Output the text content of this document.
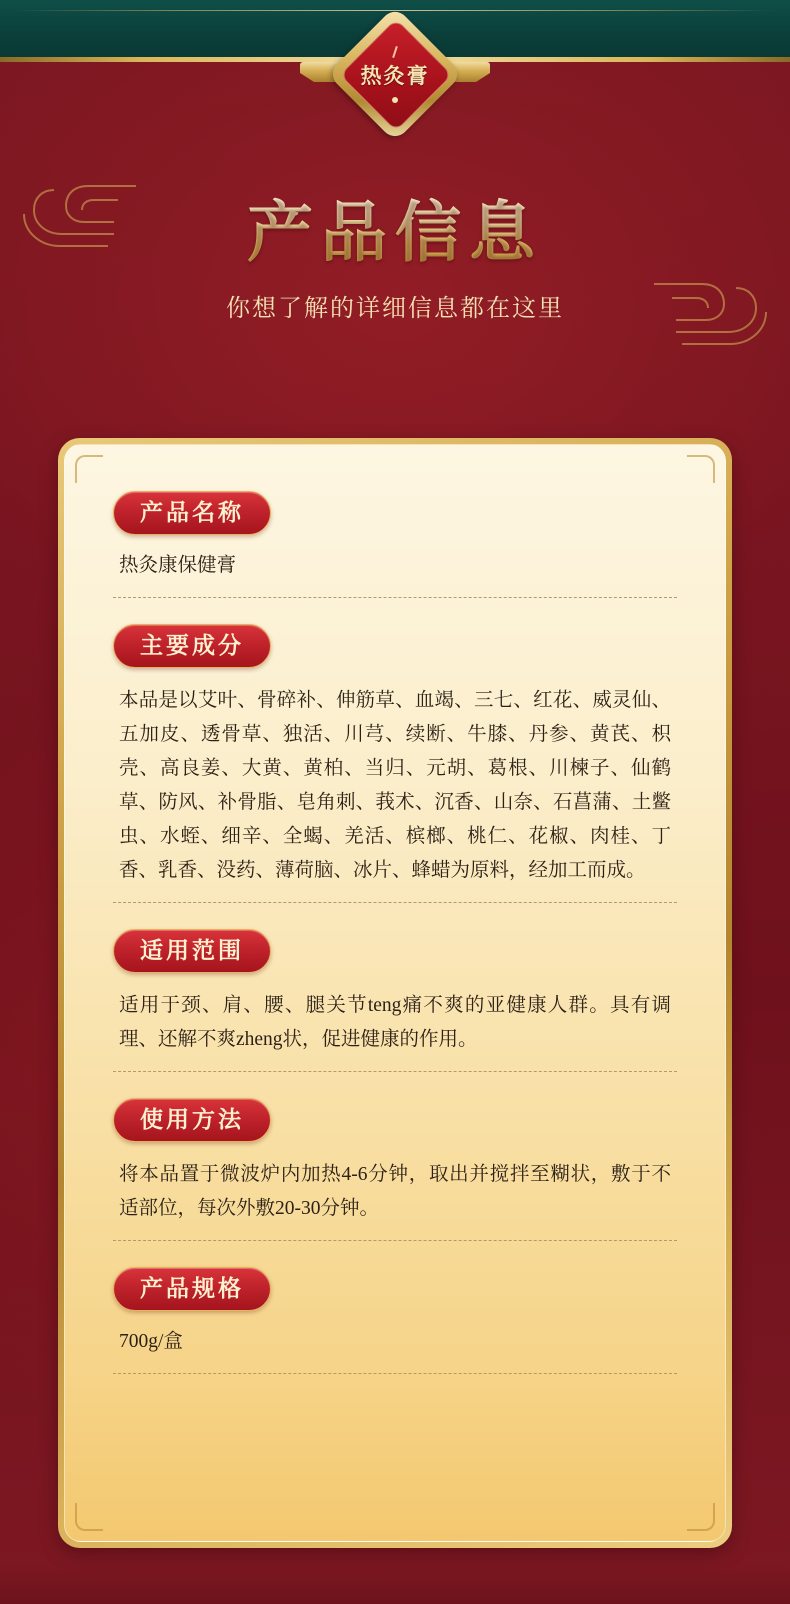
热灸膏
产品信息
你想了解的详细信息都在这里
产品名称
热灸康保健膏
主要成分
本品是以艾叶、骨碎补、伸筋草、血竭、三七、红花、威灵仙、五加皮、透骨草、独活、川芎、续断、牛膝、丹参、黄芪、枳壳、高良姜、大黄、黄柏、当归、元胡、葛根、川楝子、仙鹤草、防风、补骨脂、皂角刺、莪术、沉香、山奈、石菖蒲、土鳖虫、水蛭、细辛、全蝎、羌活、槟榔、桃仁、花椒、肉桂、丁香、乳香、没药、薄荷脑、冰片、蜂蜡为原料，经加工而成。
适用范围
适用于颈、肩、腰、腿关节teng痛不爽的亚健康人群。具有调理、还解不爽zheng状，促进健康的作用。
使用方法
将本品置于微波炉内加热4-6分钟，取出并搅拌至糊状，敷于不适部位，每次外敷20-30分钟。
产品规格
700g/盒
